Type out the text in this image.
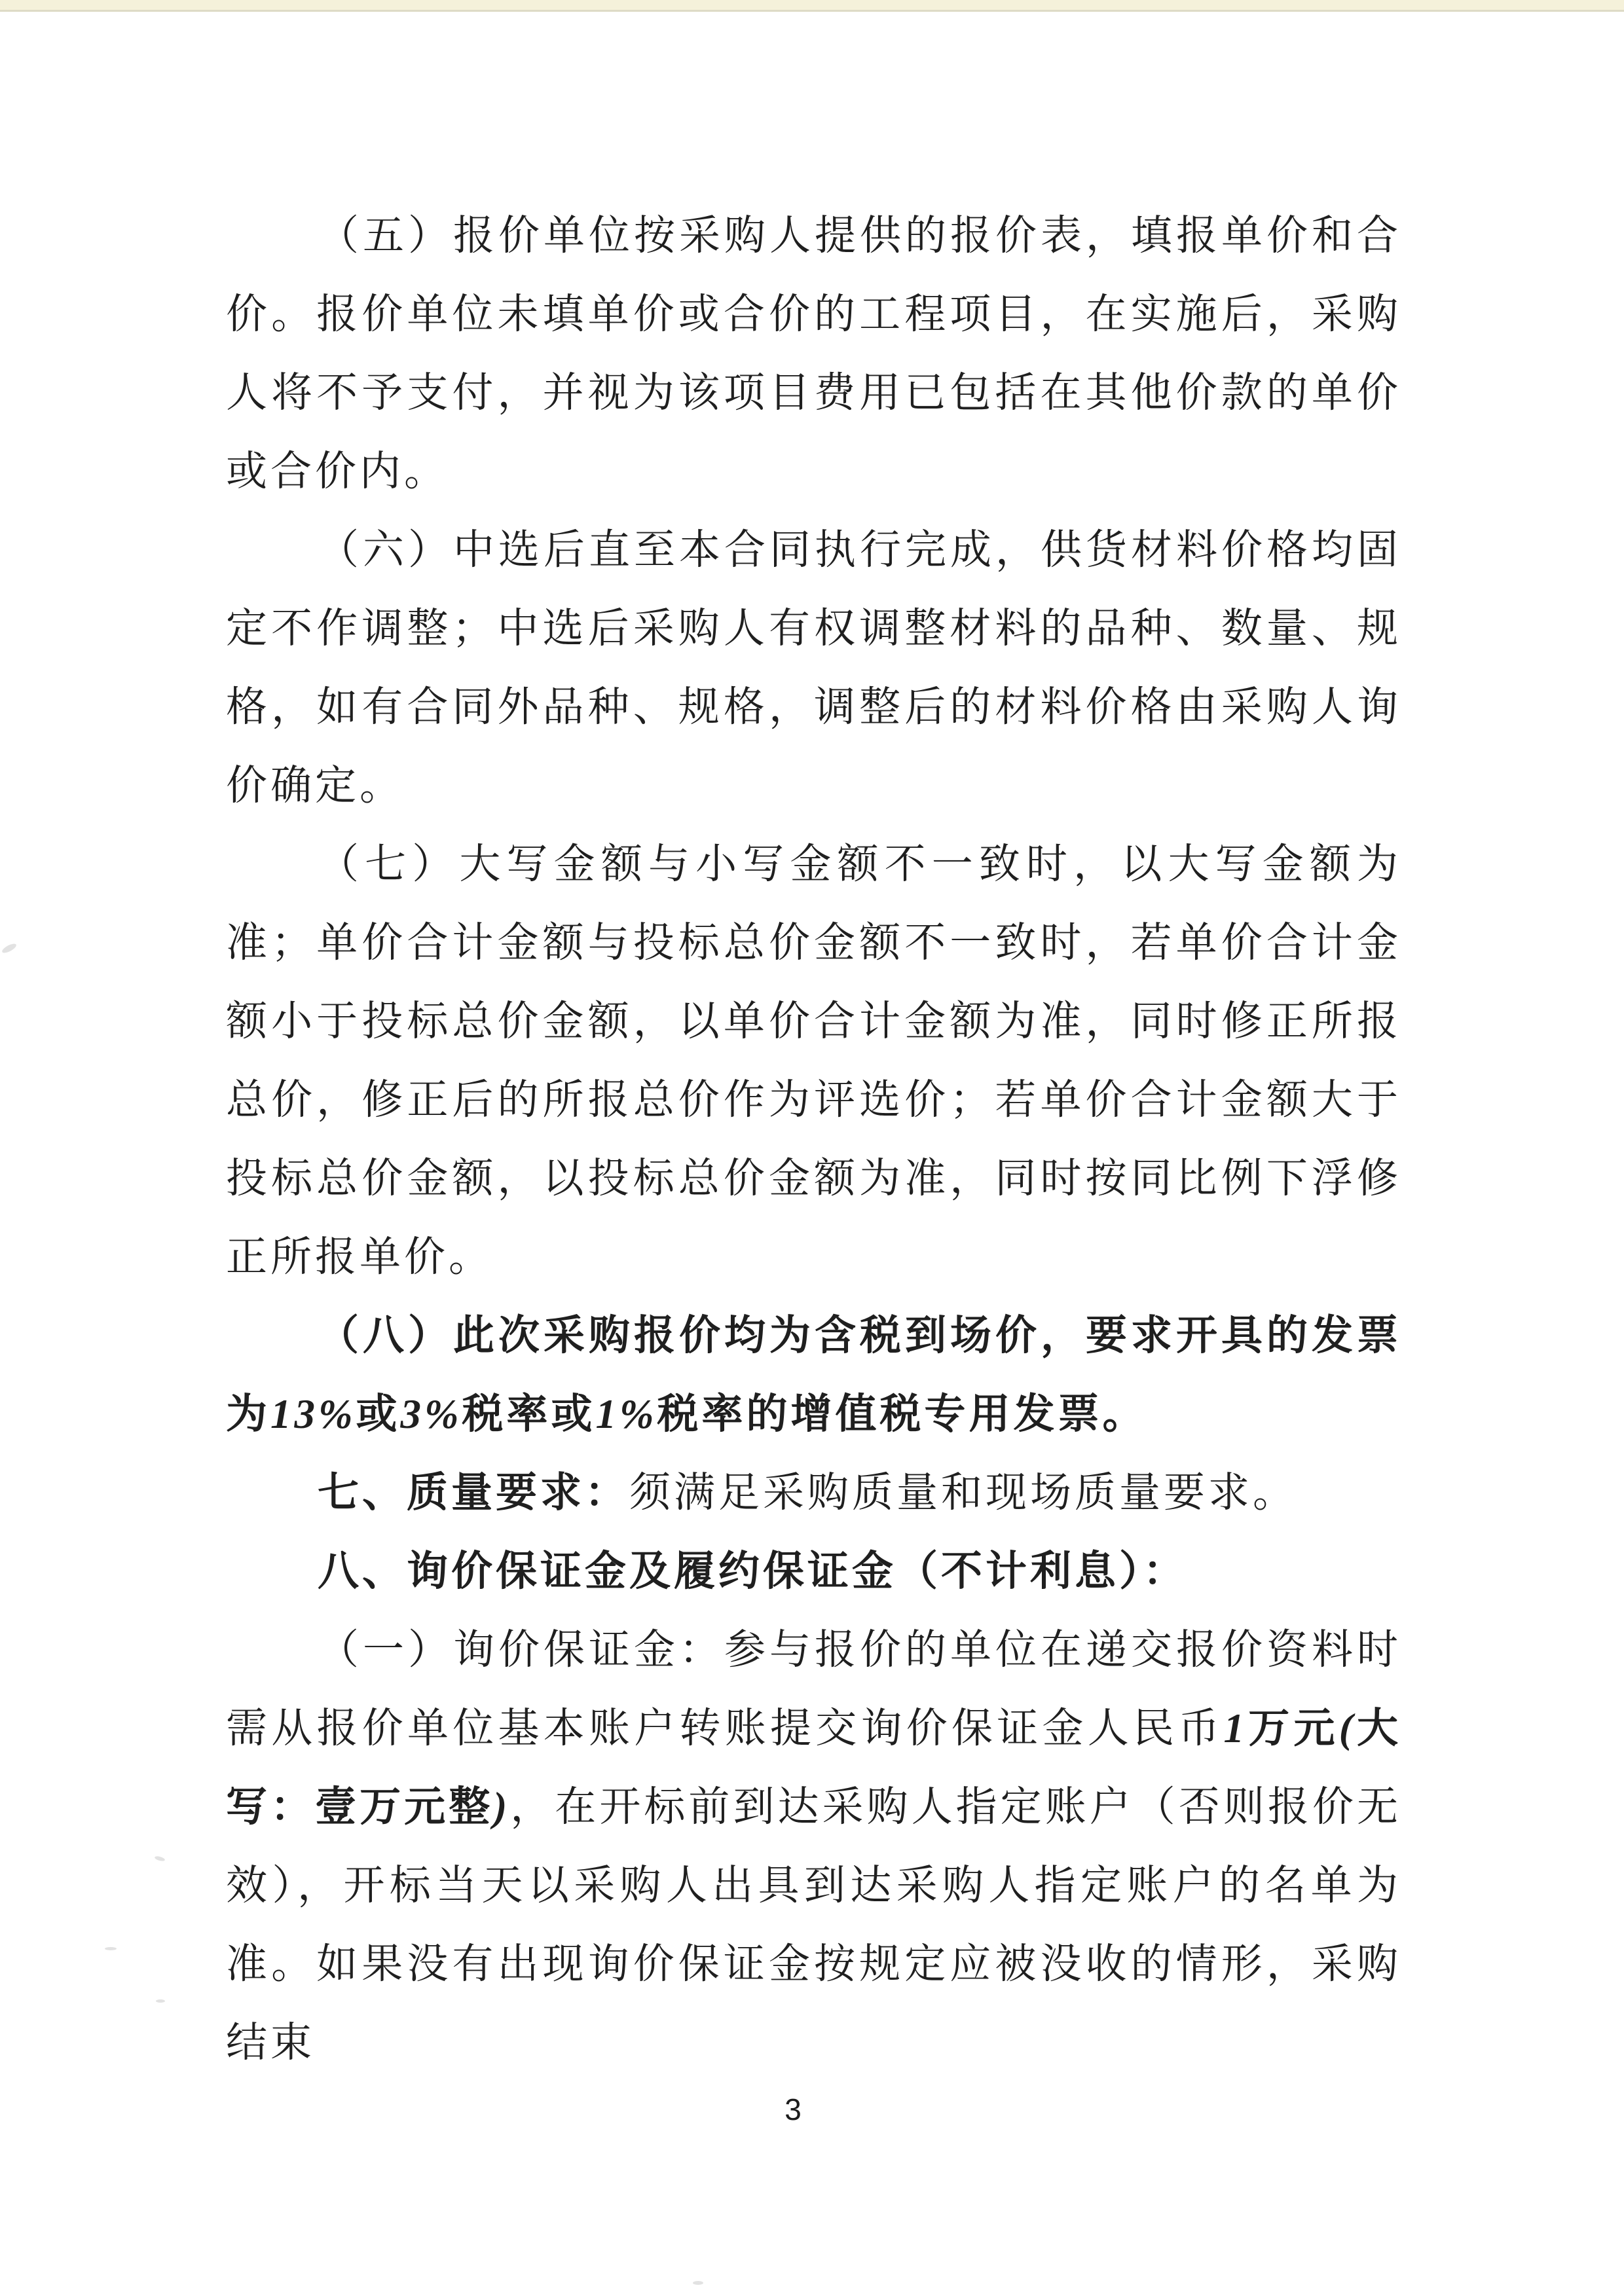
（五）报价单位按采购人提供的报价表，填报单价和合价。报价单位未填单价或合价的工程项目，在实施后，采购人将不予支付，并视为该项目费用已包括在其他价款的单价或合价内。

（六）中选后直至本合同执行完成，供货材料价格均固定不作调整；中选后采购人有权调整材料的品种、数量、规格，如有合同外品种、规格，调整后的材料价格由采购人询价确定。

（七）大写金额与小写金额不一致时，以大写金额为准；单价合计金额与投标总价金额不一致时，若单价合计金额小于投标总价金额，以单价合计金额为准，同时修正所报总价，修正后的所报总价作为评选价；若单价合计金额大于投标总价金额，以投标总价金额为准，同时按同比例下浮修正所报单价。

（八）此次采购报价均为含税到场价，要求开具的发票为13%或3%税率或1%税率的增值税专用发票。

七、质量要求：须满足采购质量和现场质量要求。

八、询价保证金及履约保证金（不计利息）：

（一）询价保证金：参与报价的单位在递交报价资料时需从报价单位基本账户转账提交询价保证金人民币1万元(大写：壹万元整)，在开标前到达采购人指定账户（否则报价无效），开标当天以采购人出具到达采购人指定账户的名单为准。如果没有出现询价保证金按规定应被没收的情形，采购结束

3
